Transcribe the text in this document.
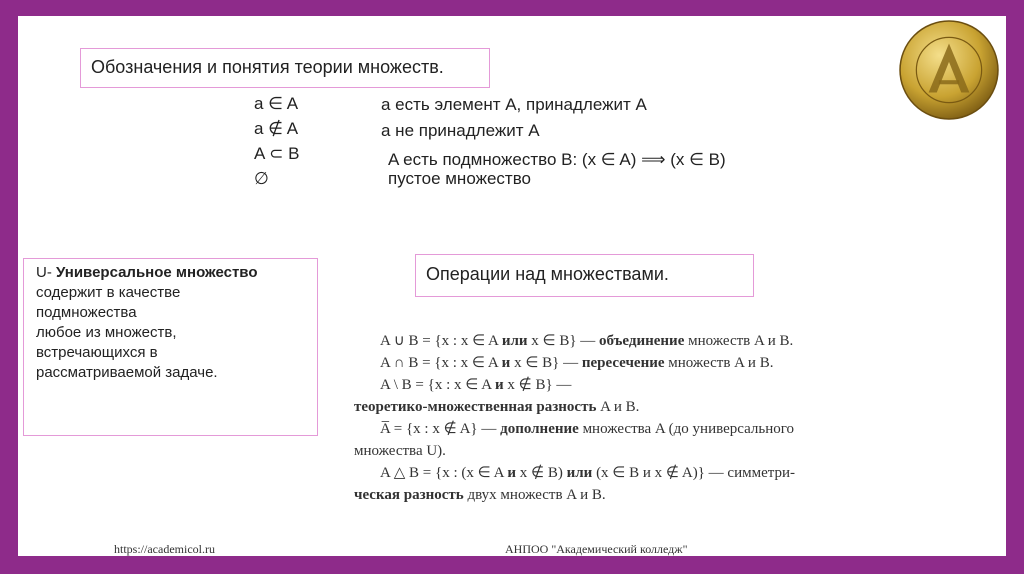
Обозначения и понятия теории множеств.
a ∈ A
a ∉ A
A ⊂ B
∅
a есть элемент A, принадлежит A
a не принадлежит A
A есть подмножество B: (x ∈ A) ⟹ (x ∈ B)
пустое множество
U- Универсальное множество
содержит в качестве
подмножества
любое из множеств,
встречающихся в
рассматриваемой задаче.
Операции над множествами.
A ∪ B = {x : x ∈ A или x ∈ B} — объединение множеств A и B.
A ∩ B = {x : x ∈ A и x ∈ B} — пересечение множеств A и B.
A \ B = {x : x ∈ A и x ∉ B} —
теоретико-множественная разность A и B.
A̅ = {x : x ∉ A} — дополнение множества A (до универсального
множества U).
A △ B = {x : (x ∈ A и x ∉ B) или (x ∈ B и x ∉ A)} — симметри-
ческая разность двух множеств A и B.
https://academicol.ru	АНПОО "Академический колледж"
